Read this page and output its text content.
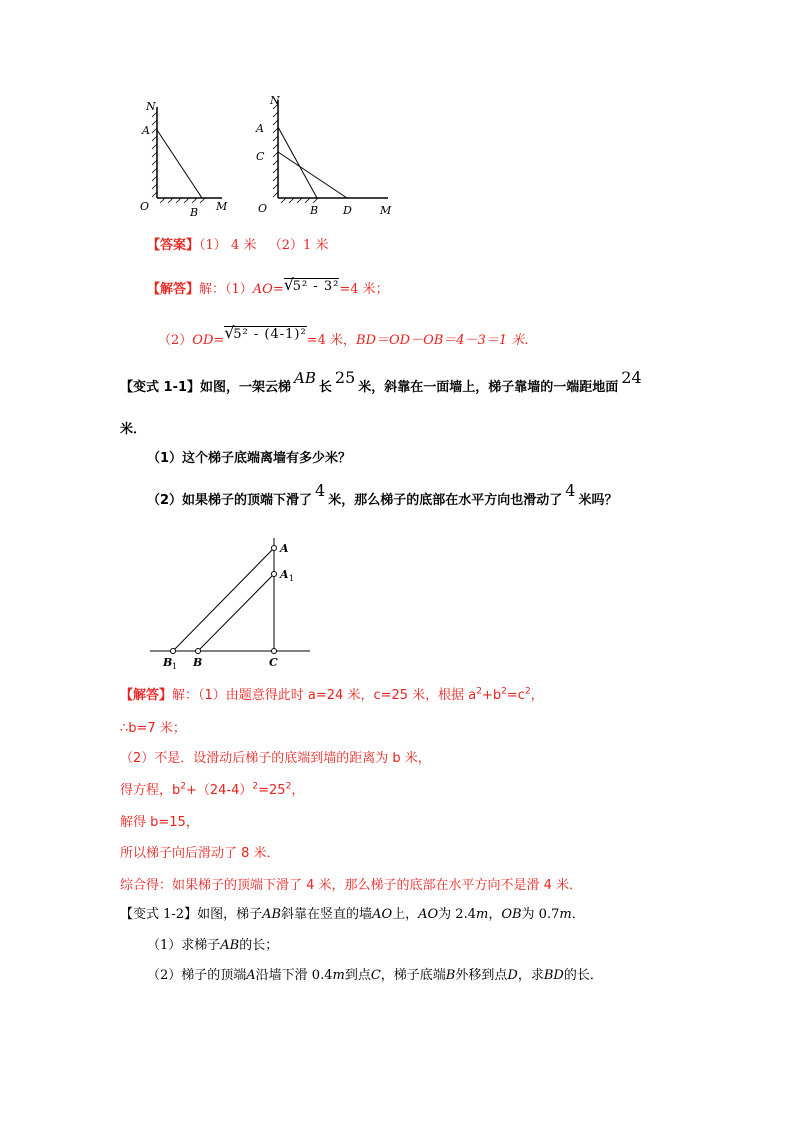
N
A
O	B M
N
A
C
O	B D	M
【答案】（1） 4 米 （2）1 米
【解答】解：（1）AO= √
5² - 3²=4 米；
（2）OD= √
5² - (4-1)²=4 米，BD＝OD－OB＝4－3＝1 米．
【变式 1-1】如图，一架云梯AB长25米，斜靠在一面墙上，梯子靠墙的一端距地面24
米．
（1）这个梯子底端离墙有多少米？
（2）如果梯子的顶端下滑了4米，那么梯子的底部在水平方向也滑动了4米吗？
A
A 1
B 1 B	C
【解答】解：（1）由题意得此时 a=24 米，c=25 米，根据 $a^2+b^2=c^2$，
∴b=7 米；
（2）不是．设滑动后梯子的底端到墙的距离为 b 米，
得方程，$b^2+(24-4)^2=25^2$，
解得 b=15，
所以梯子向后滑动了 8 米．
综合得：如果梯子的顶端下滑了 4 米，那么梯子的底部在水平方向不是滑 4 米．
【变式 1-2】如图，梯子AB斜靠在竖直的墙AO上，AO为 2.4m，OB为 0.7m．
（1）求梯子AB的长；
（2）梯子的顶端A沿墙下滑 0.4m到点C，梯子底端B外移到点D，求BD的长．
